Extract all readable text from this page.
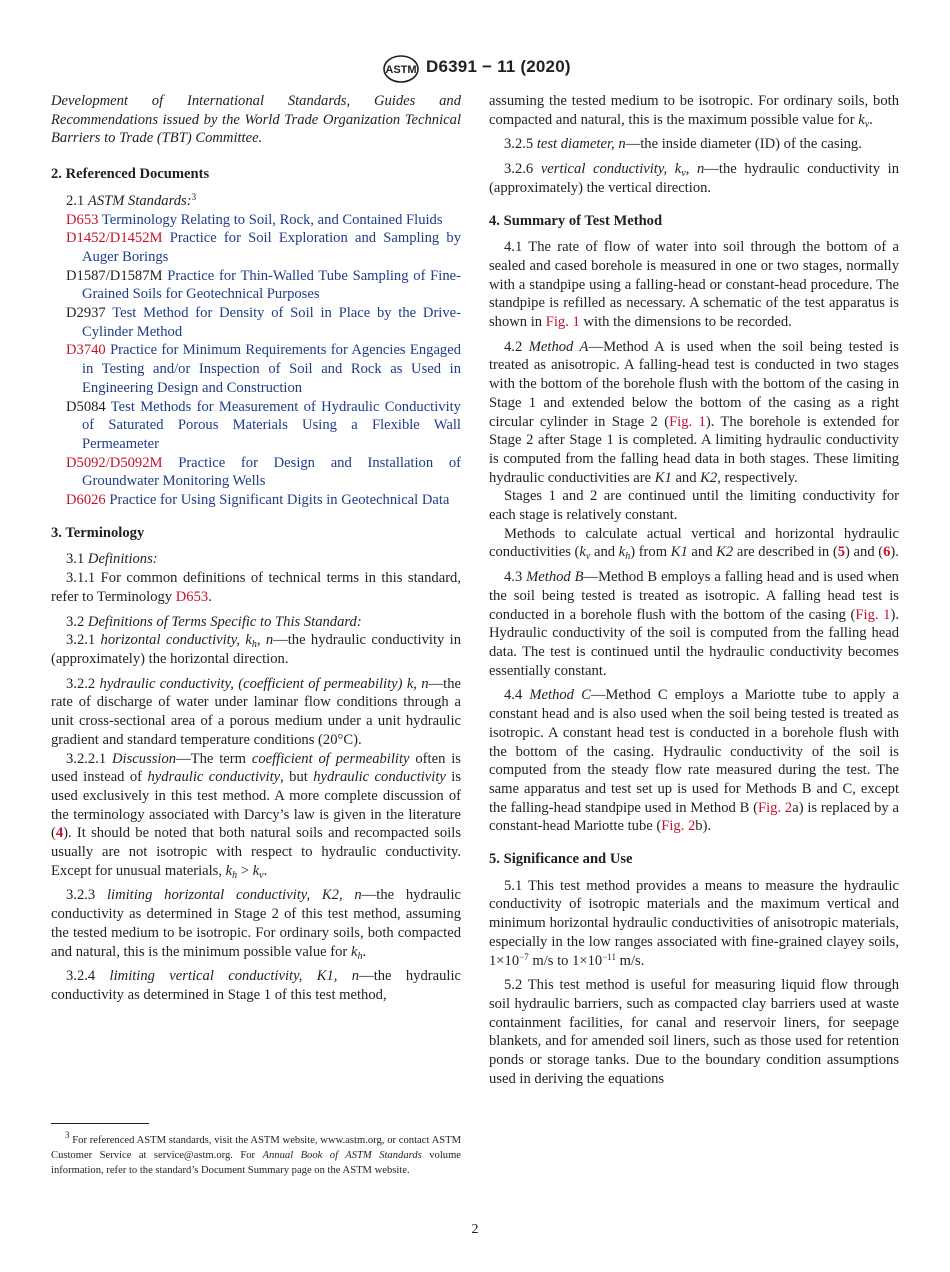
ASTM D6391 − 11 (2020)

Development of International Standards, Guides and Recommendations issued by the World Trade Organization Technical Barriers to Trade (TBT) Committee.

2. Referenced Documents

2.1 ASTM Standards:$^3$

D653 Terminology Relating to Soil, Rock, and Contained Fluids

D1452/D1452M Practice for Soil Exploration and Sampling by Auger Borings

D1587/D1587M Practice for Thin-Walled Tube Sampling of Fine-Grained Soils for Geotechnical Purposes

D2937 Test Method for Density of Soil in Place by the Drive-Cylinder Method

D3740 Practice for Minimum Requirements for Agencies Engaged in Testing and/or Inspection of Soil and Rock as Used in Engineering Design and Construction

D5084 Test Methods for Measurement of Hydraulic Conductivity of Saturated Porous Materials Using a Flexible Wall Permeameter

D5092/D5092M Practice for Design and Installation of Groundwater Monitoring Wells

D6026 Practice for Using Significant Digits in Geotechnical Data

3. Terminology

3.1 Definitions:

3.1.1 For common definitions of technical terms in this standard, refer to Terminology D653.

3.2 Definitions of Terms Specific to This Standard:

3.2.1 horizontal conductivity, $k_h$, n—the hydraulic conductivity in (approximately) the horizontal direction.

3.2.2 hydraulic conductivity, (coefficient of permeability) k, n—the rate of discharge of water under laminar flow conditions through a unit cross-sectional area of a porous medium under a unit hydraulic gradient and standard temperature conditions (20°C).

3.2.2.1 Discussion—The term coefficient of permeability often is used instead of hydraulic conductivity, but hydraulic conductivity is used exclusively in this test method. A more complete discussion of the terminology associated with Darcy’s law is given in the literature (4). It should be noted that both natural soils and recompacted soils usually are not isotropic with respect to hydraulic conductivity. Except for unusual materials, $k_h > k_v$.

3.2.3 limiting horizontal conductivity, K2, n—the hydraulic conductivity as determined in Stage 2 of this test method, assuming the tested medium to be isotropic. For ordinary soils, both compacted and natural, this is the minimum possible value for $k_h$.

3.2.4 limiting vertical conductivity, K1, n—the hydraulic conductivity as determined in Stage 1 of this test method,

assuming the tested medium to be isotropic. For ordinary soils, both compacted and natural, this is the maximum possible value for $k_v$.

3.2.5 test diameter, n—the inside diameter (ID) of the casing.

3.2.6 vertical conductivity, $k_v$, n—the hydraulic conductivity in (approximately) the vertical direction.

4. Summary of Test Method

4.1 The rate of flow of water into soil through the bottom of a sealed and cased borehole is measured in one or two stages, normally with a standpipe using a falling-head or constant-head procedure. The standpipe is refilled as necessary. A schematic of the test apparatus is shown in Fig. 1 with the dimensions to be recorded.

4.2 Method A—Method A is used when the soil being tested is treated as anisotropic. A falling-head test is conducted in two stages with the bottom of the borehole flush with the bottom of the casing in Stage 1 and extended below the bottom of the casing as a right circular cylinder in Stage 2 (Fig. 1). The borehole is extended for Stage 2 after Stage 1 is completed. A limiting hydraulic conductivity is computed from the falling head data in both stages. These limiting hydraulic conductivities are K1 and K2, respectively.

Stages 1 and 2 are continued until the limiting conductivity for each stage is relatively constant.

Methods to calculate actual vertical and horizontal hydraulic conductivities ($k_v$ and $k_h$) from K1 and K2 are described in (5) and (6).

4.3 Method B—Method B employs a falling head and is used when the soil being tested is treated as isotropic. A falling head test is conducted in a borehole flush with the bottom of the casing (Fig. 1). Hydraulic conductivity of the soil is computed from the falling head data. The test is continued until the hydraulic conductivity becomes essentially constant.

4.4 Method C—Method C employs a Mariotte tube to apply a constant head and is also used when the soil being tested is treated as isotropic. A constant head test is conducted in a borehole flush with the bottom of the casing. Hydraulic conductivity of the soil is computed from the steady flow rate measured during the test. The same apparatus and test set up is used for Methods B and C, except the falling-head standpipe used in Method B (Fig. 2a) is replaced by a constant-head Mariotte tube (Fig. 2b).

5. Significance and Use

5.1 This test method provides a means to measure the hydraulic conductivity of isotropic materials and the maximum vertical and minimum horizontal hydraulic conductivities of anisotropic materials, especially in the low ranges associated with fine-grained clayey soils, $1\times 10^{-7}$ m/s to $1\times 10^{-11}$ m/s.

5.2 This test method is useful for measuring liquid flow through soil hydraulic barriers, such as compacted clay barriers used at waste containment facilities, for canal and reservoir liners, for seepage blankets, and for amended soil liners, such as those used for retention ponds or storage tanks. Due to the boundary condition assumptions used in deriving the equations

$^3$ For referenced ASTM standards, visit the ASTM website, www.astm.org, or contact ASTM Customer Service at service@astm.org. For Annual Book of ASTM Standards volume information, refer to the standard’s Document Summary page on the ASTM website.
2
